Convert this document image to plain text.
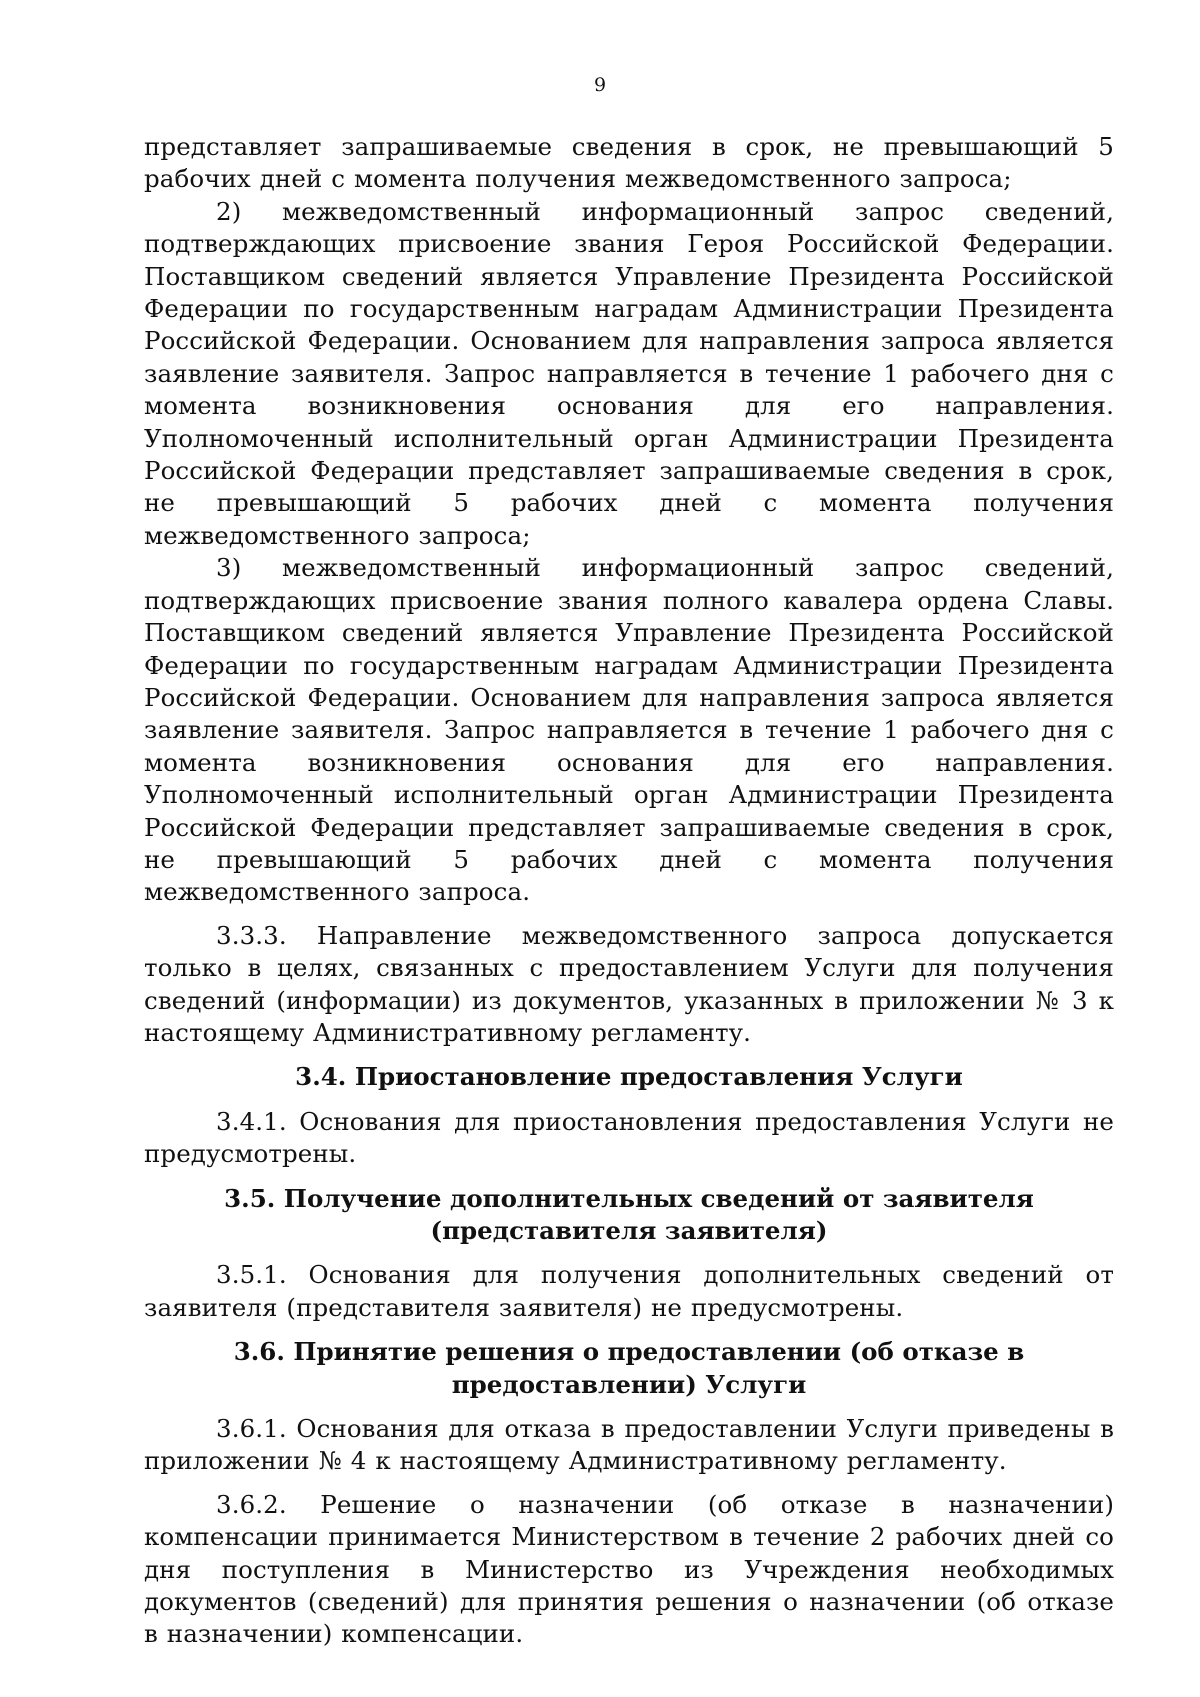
9

представляет запрашиваемые сведения в срок, не превышающий 5 рабочих дней с момента получения межведомственного запроса;

2) межведомственный информационный запрос сведений, подтверждающих присвоение звания Героя Российской Федерации. Поставщиком сведений является Управление Президента Российской Федерации по государственным наградам Администрации Президента Российской Федерации. Основанием для направления запроса является заявление заявителя. Запрос направляется в течение 1 рабочего дня с момента возникновения основания для его направления. Уполномоченный исполнительный орган Администрации Президента Российской Федерации представляет запрашиваемые сведения в срок, не превышающий 5 рабочих дней с момента получения межведомственного запроса;

3) межведомственный информационный запрос сведений, подтверждающих присвоение звания полного кавалера ордена Славы. Поставщиком сведений является Управление Президента Российской Федерации по государственным наградам Администрации Президента Российской Федерации. Основанием для направления запроса является заявление заявителя. Запрос направляется в течение 1 рабочего дня с момента возникновения основания для его направления. Уполномоченный исполнительный орган Администрации Президента Российской Федерации представляет запрашиваемые сведения в срок, не превышающий 5 рабочих дней с момента получения межведомственного запроса.

3.3.3. Направление межведомственного запроса допускается только в целях, связанных с предоставлением Услуги для получения сведений (информации) из документов, указанных в приложении № 3 к настоящему Административному регламенту.

3.4. Приостановление предоставления Услуги

3.4.1. Основания для приостановления предоставления Услуги не предусмотрены.

3.5. Получение дополнительных сведений от заявителя (представителя заявителя)

3.5.1. Основания для получения дополнительных сведений от заявителя (представителя заявителя) не предусмотрены.

3.6. Принятие решения о предоставлении (об отказе в предоставлении) Услуги

3.6.1. Основания для отказа в предоставлении Услуги приведены в приложении № 4 к настоящему Административному регламенту.

3.6.2. Решение о назначении (об отказе в назначении) компенсации принимается Министерством в течение 2 рабочих дней со дня поступления в Министерство из Учреждения необходимых документов (сведений) для принятия решения о назначении (об отказе в назначении) компенсации.
